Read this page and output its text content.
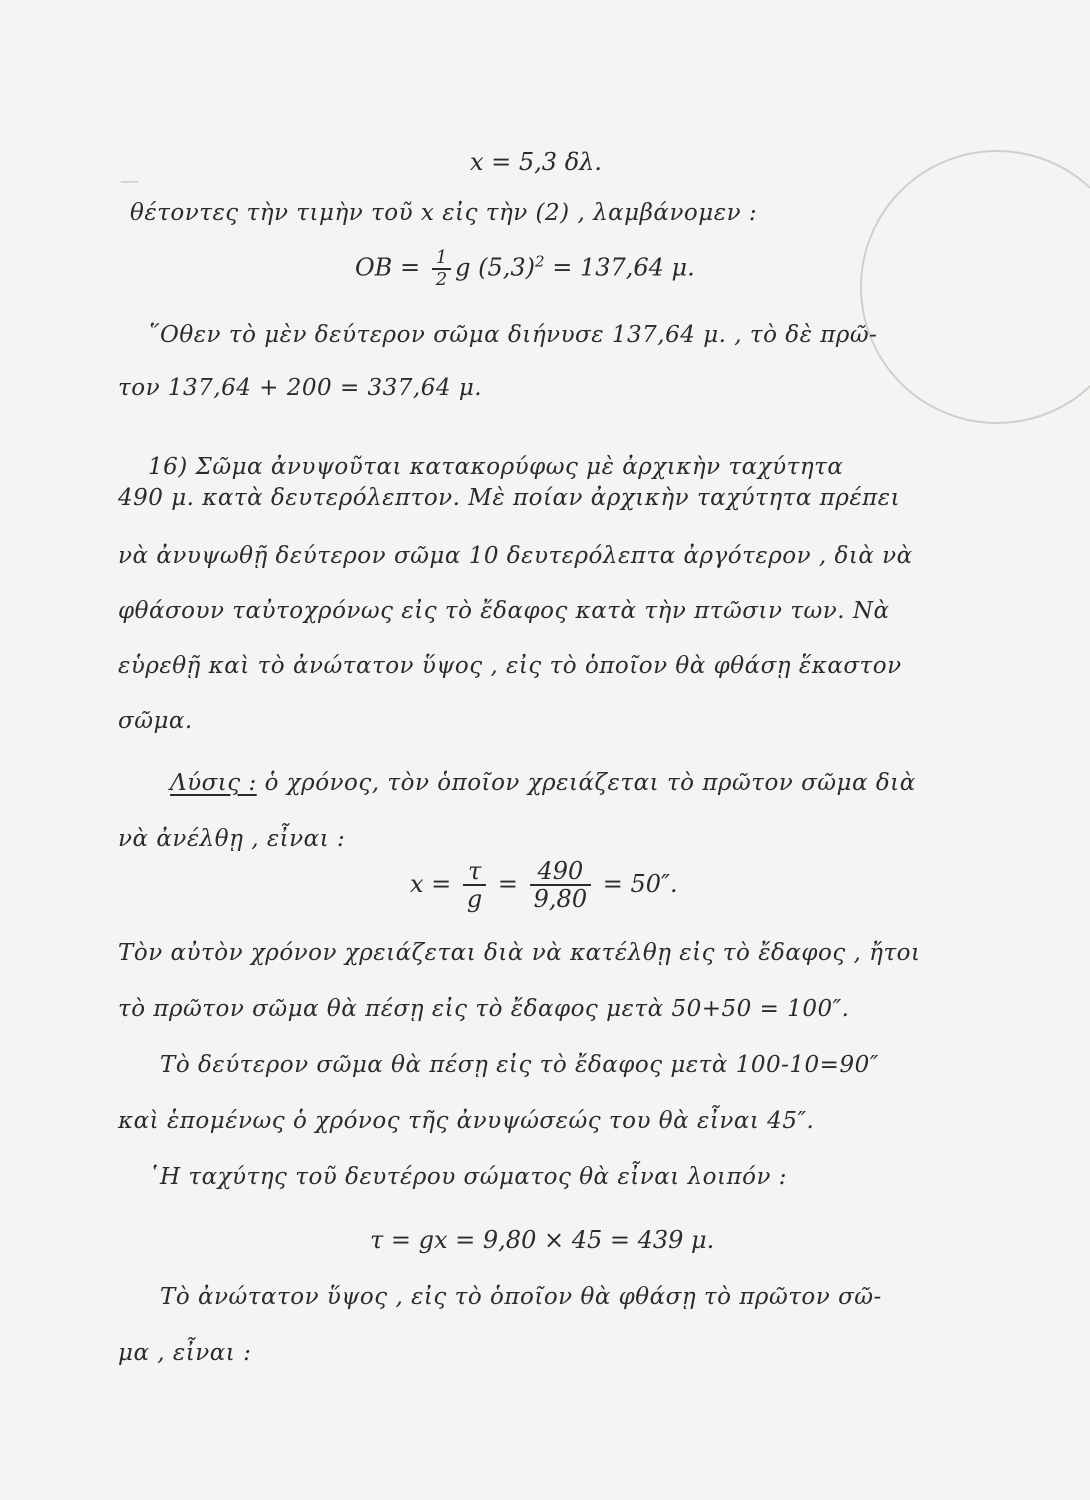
—
x = 5,3 δλ.
θέτοντες τὴν τιμὴν τοῦ x εἰς τὴν (2) , λαμβάνομεν :
$OB = \frac{1}{2}$ g $(5,3)^2 = 137,64$ μ.
῞Οθεν τὸ μὲν δεύτερον σῶμα διήνυσε 137,64 μ. , τὸ δὲ πρῶ-
τον 137,64 + 200 = 337,64 μ.
16) Σῶμα ἀνυψοῦται κατακορύφως μὲ ἀρχικὴν ταχύτητα
490 μ. κατὰ δευτερόλεπτον. Μὲ ποίαν ἀρχικὴν ταχύτητα πρέπει
νὰ ἀνυψωθῇ δεύτερον σῶμα 10 δευτερόλεπτα ἀργότερον , διὰ νὰ
φθάσουν ταὐτοχρόνως εἰς τὸ ἔδαφος κατὰ τὴν πτῶσιν των. Νὰ
εὑρεθῇ καὶ τὸ ἀνώτατον ὕψος , εἰς τὸ ὁποῖον θὰ φθάσῃ ἕκαστον
σῶμα.
Λύσις : ὁ χρόνος, τὸν ὁποῖον χρειάζεται τὸ πρῶτον σῶμα διὰ
νὰ ἀνέλθῃ , εἶναι :
$x = \frac{\tau}{g} = \frac{490}{9,80} = 50''$.
Τὸν αὐτὸν χρόνον χρειάζεται διὰ νὰ κατέλθῃ εἰς τὸ ἔδαφος , ἤτοι
τὸ πρῶτον σῶμα θὰ πέσῃ εἰς τὸ ἔδαφος μετὰ 50+50 = 100″.
Τὸ δεύτερον σῶμα θὰ πέσῃ εἰς τὸ ἔδαφος μετὰ 100-10=90″
καὶ ἑπομένως ὁ χρόνος τῆς ἀνυψώσεώς του θὰ εἶναι 45″.
῾Η ταχύτης τοῦ δευτέρου σώματος θὰ εἶναι λοιπόν :
τ = gx = 9,80 × 45 = 439 μ.
Τὸ ἀνώτατον ὕψος , εἰς τὸ ὁποῖον θὰ φθάσῃ τὸ πρῶτον σῶ-
μα , εἶναι :
